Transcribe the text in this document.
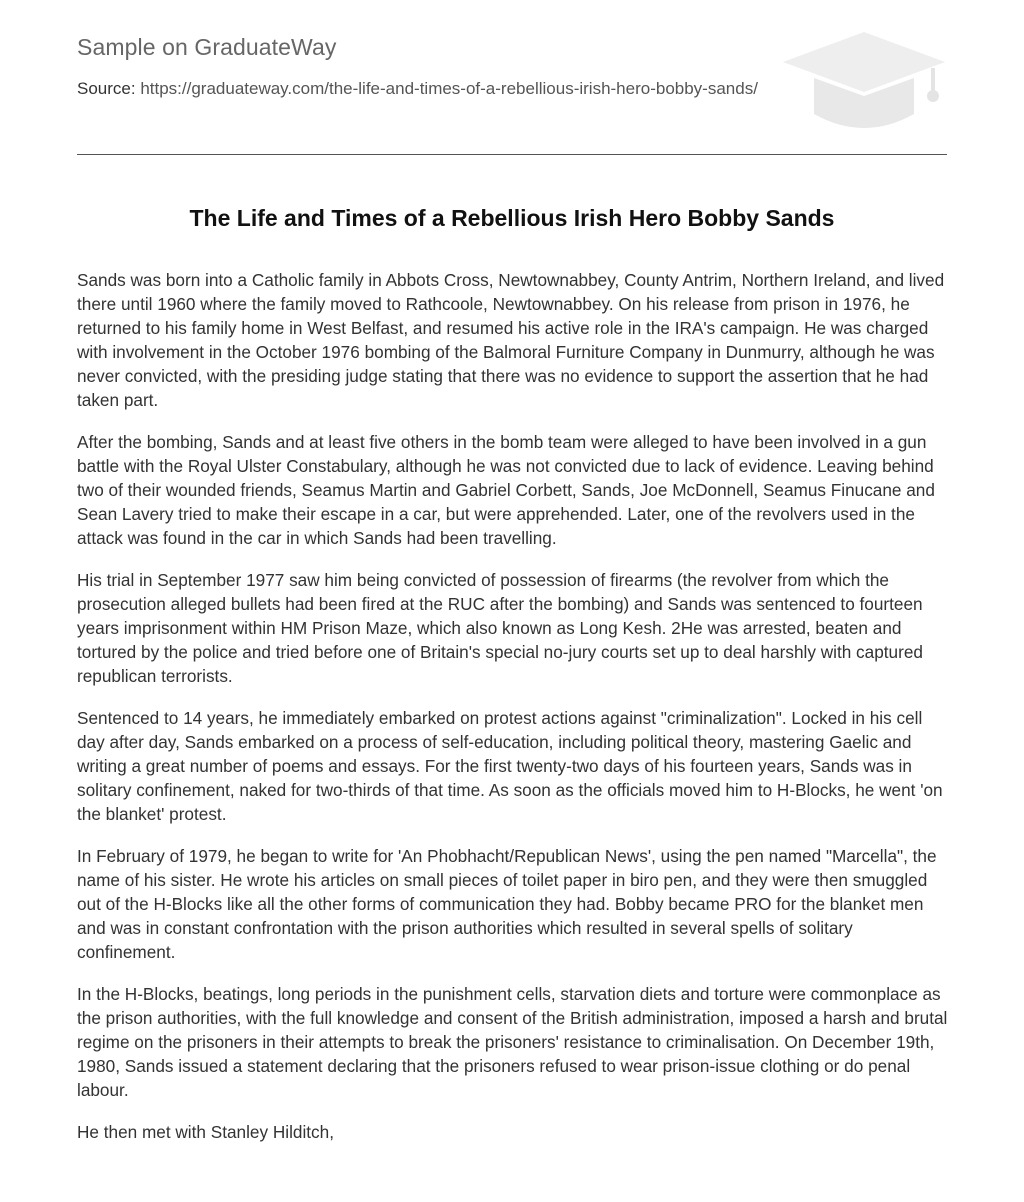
Sample on GraduateWay
Source: https://graduateway.com/the-life-and-times-of-a-rebellious-irish-hero-bobby-sands/
The Life and Times of a Rebellious Irish Hero Bobby Sands

Sands was born into a Catholic family in Abbots Cross, Newtownabbey, County Antrim, Northern Ireland, and lived there until 1960 where the family moved to Rathcoole, Newtownabbey. On his release from prison in 1976, he returned to his family home in West Belfast, and resumed his active role in the IRA's campaign. He was charged with involvement in the October 1976 bombing of the Balmoral Furniture Company in Dunmurry, although he was never convicted, with the presiding judge stating that there was no evidence to support the assertion that he had taken part.

After the bombing, Sands and at least five others in the bomb team were alleged to have been involved in a gun battle with the Royal Ulster Constabulary, although he was not convicted due to lack of evidence. Leaving behind two of their wounded friends, Seamus Martin and Gabriel Corbett, Sands, Joe McDonnell, Seamus Finucane and Sean Lavery tried to make their escape in a car, but were apprehended. Later, one of the revolvers used in the attack was found in the car in which Sands had been travelling.

His trial in September 1977 saw him being convicted of possession of firearms (the revolver from which the prosecution alleged bullets had been fired at the RUC after the bombing) and Sands was sentenced to fourteen years imprisonment within HM Prison Maze, which also known as Long Kesh. 2He was arrested, beaten and tortured by the police and tried before one of Britain's special no-jury courts set up to deal harshly with captured republican terrorists.

Sentenced to 14 years, he immediately embarked on protest actions against "criminalization". Locked in his cell day after day, Sands embarked on a process of self-education, including political theory, mastering Gaelic and writing a great number of poems and essays. For the first twenty-two days of his fourteen years, Sands was in solitary confinement, naked for two-thirds of that time. As soon as the officials moved him to H-Blocks, he went 'on the blanket' protest.

In February of 1979, he began to write for 'An Phobhacht/Republican News', using the pen named "Marcella", the name of his sister. He wrote his articles on small pieces of toilet paper in biro pen, and they were then smuggled out of the H-Blocks like all the other forms of communication they had. Bobby became PRO for the blanket men and was in constant confrontation with the prison authorities which resulted in several spells of solitary confinement.

In the H-Blocks, beatings, long periods in the punishment cells, starvation diets and torture were commonplace as the prison authorities, with the full knowledge and consent of the British administration, imposed a harsh and brutal regime on the prisoners in their attempts to break the prisoners' resistance to criminalisation. On December 19th, 1980, Sands issued a statement declaring that the prisoners refused to wear prison-issue clothing or do penal labour.

He then met with Stanley Hilditch,
